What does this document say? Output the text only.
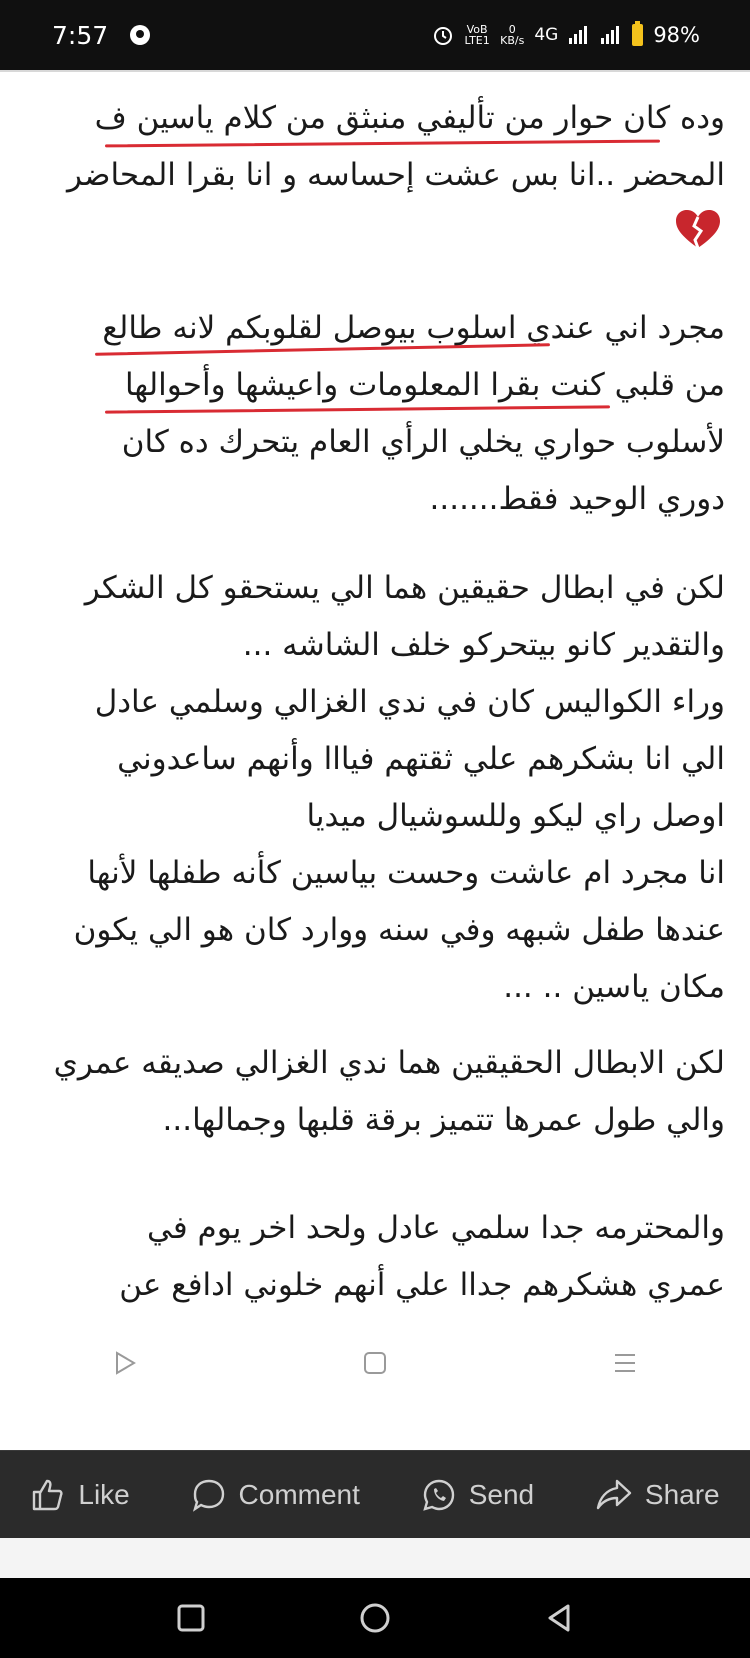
7:57	VoB LTE1
0
KB/s 4G	98%
وده كان حوار من تأليفي منبثق من كلام ياسين ف
المحضر ..انا بس عشت إحساسه و انا بقرا المحاضر
مجرد اني عندي اسلوب بيوصل لقلوبكم لانه طالع
من قلبي كنت بقرا المعلومات واعيشها وأحوالها
لأسلوب حواري يخلي الرأي العام يتحرك ده كان
دوري الوحيد فقط.......
لكن في ابطال حقيقين هما الي يستحقو كل الشكر
والتقدير كانو بيتحركو خلف الشاشه ...
وراء الكواليس كان في ندي الغزالي وسلمي عادل
الي انا بشكرهم علي ثقتهم فيااا وأنهم ساعدوني
اوصل راي ليكو وللسوشيال ميديا
انا مجرد ام عاشت وحست بياسين كأنه طفلها لأنها
عندها طفل شبهه وفي سنه ووارد كان هو الي يكون
مكان ياسين .. ...
لكن الابطال الحقيقين هما ندي الغزالي صديقه عمري
والي طول عمرها تتميز برقة قلبها وجمالها...
والمحترمه جدا سلمي عادل ولحد اخر يوم في
عمري هشكرهم جداا علي أنهم خلوني ادافع عن
Like	Comment	Send	Share
